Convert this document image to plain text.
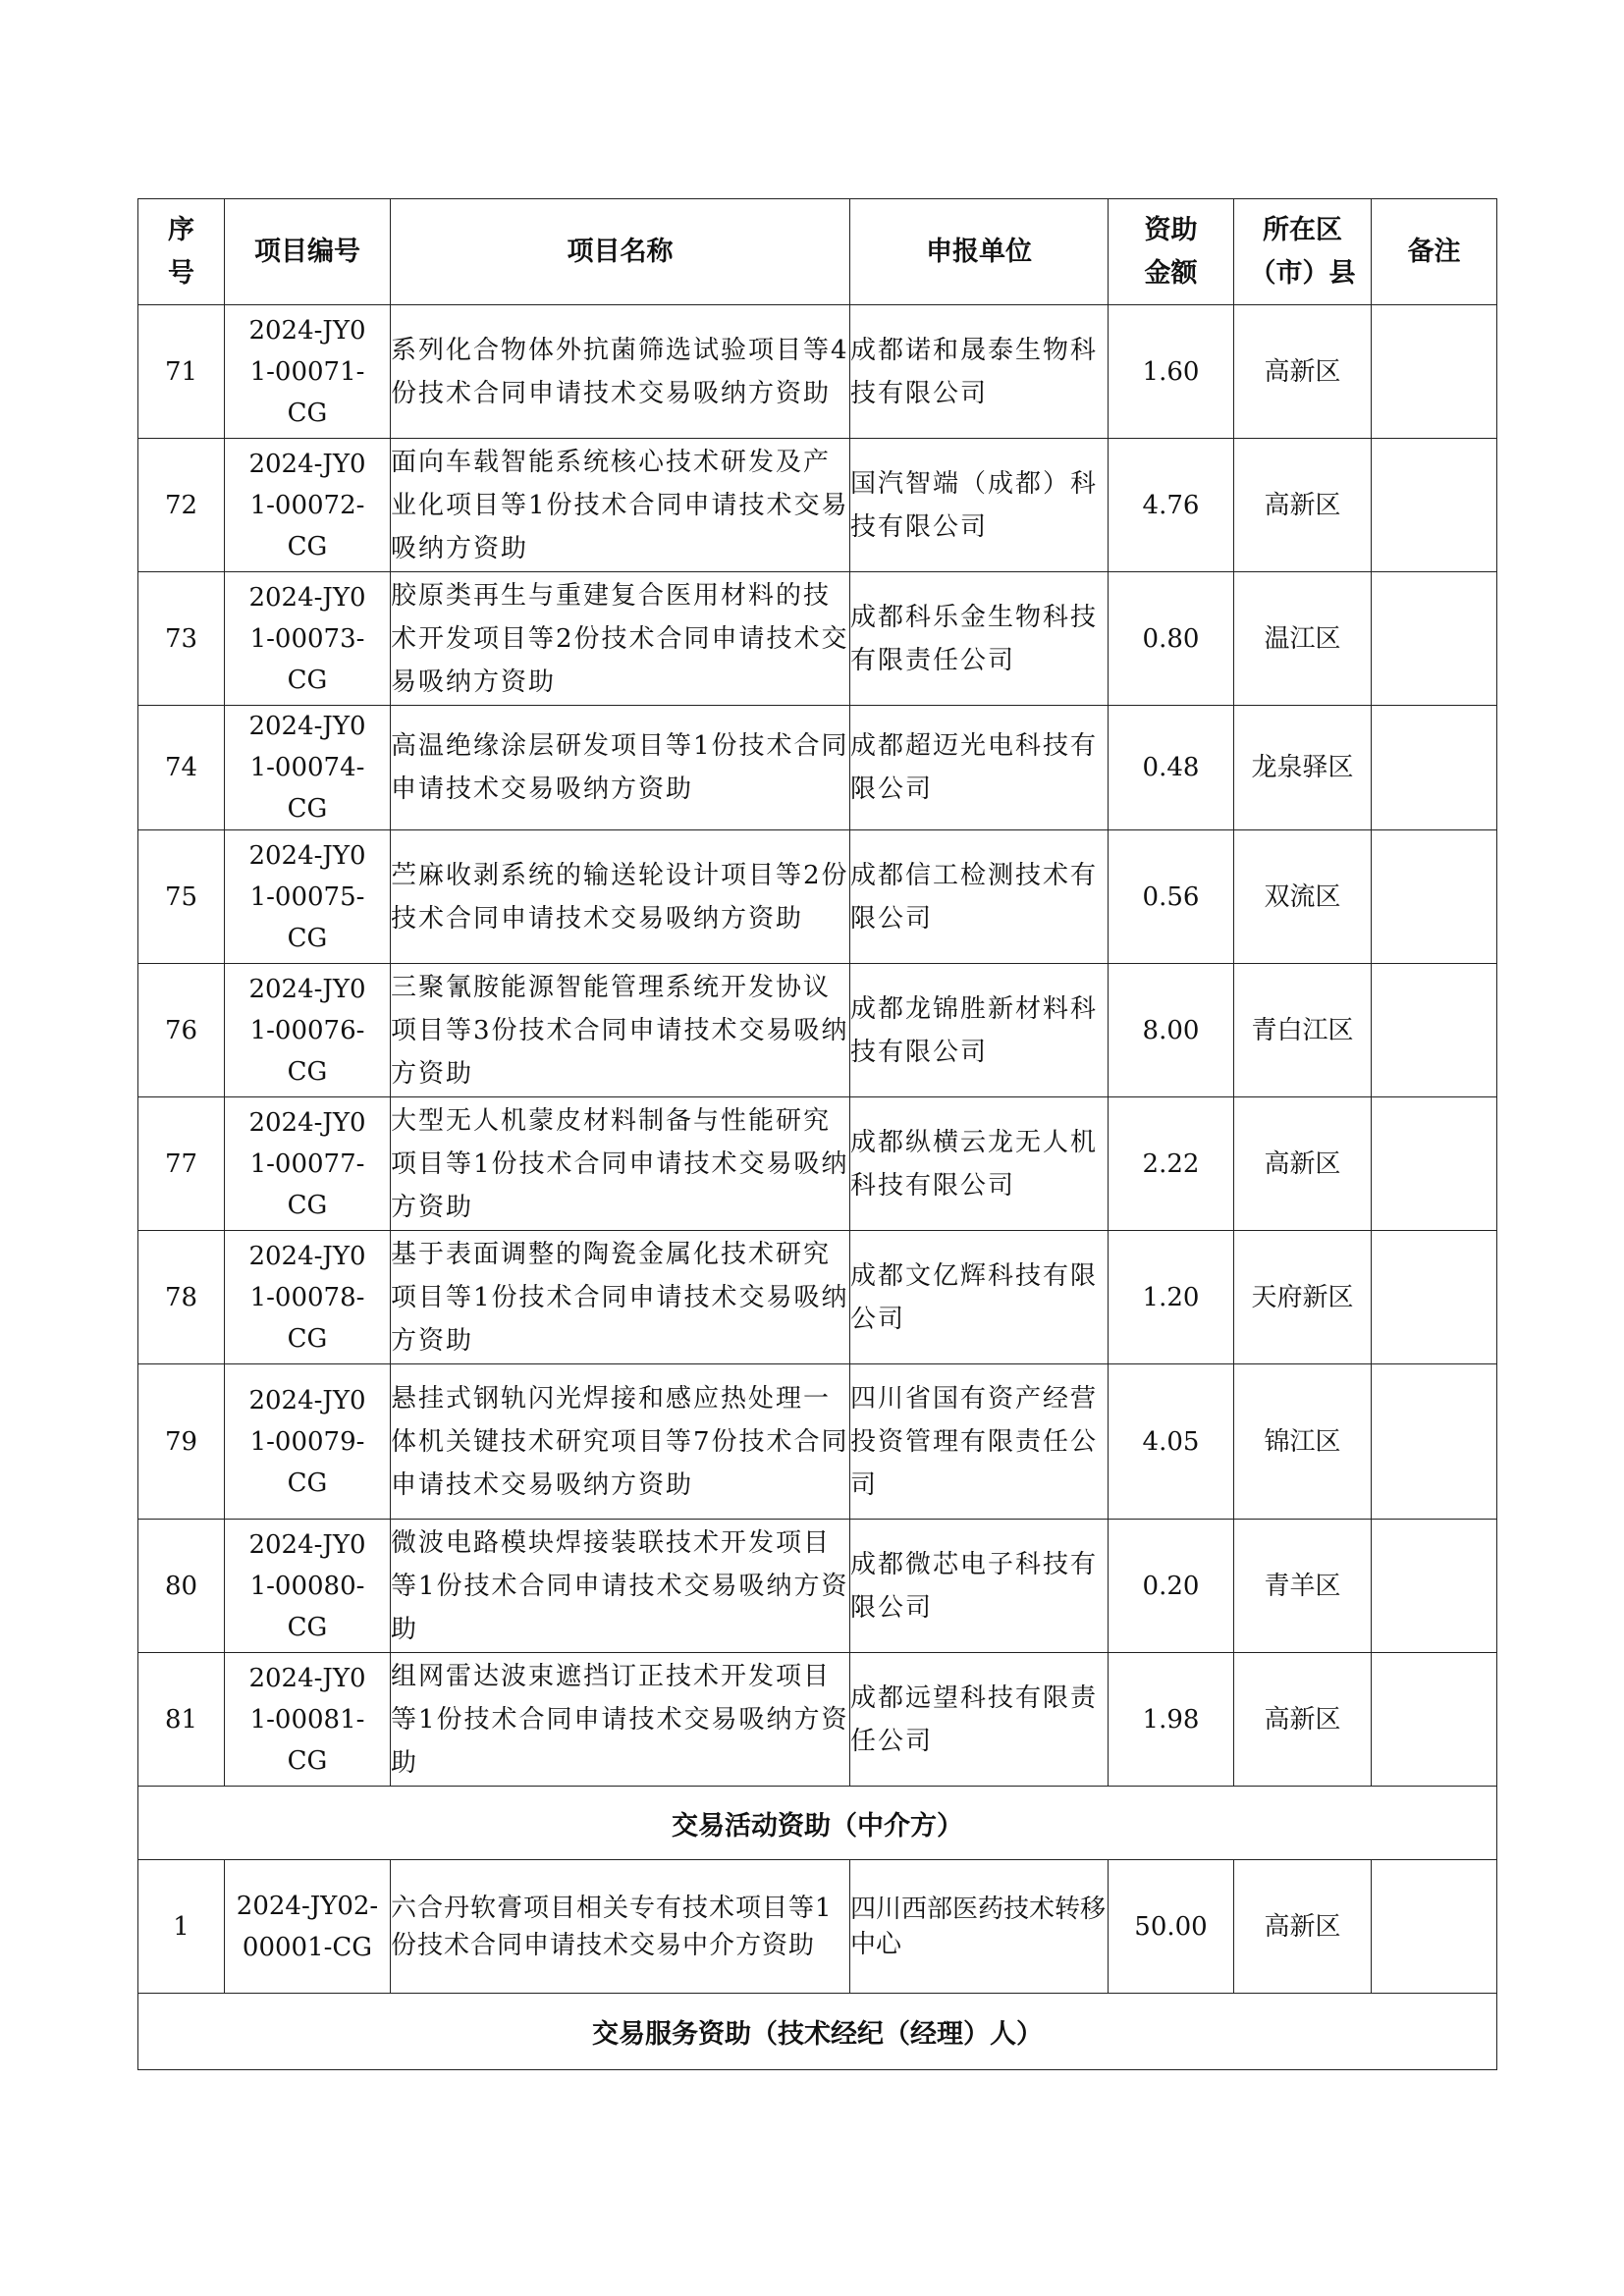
序号	项目编号	项目名称	申报单位	资助金额	所在区（市）县	备注
71	2024-JY01-00071-CG	系列化合物体外抗菌筛选试验项目等4份技术合同申请技术交易吸纳方资助	成都诺和晟泰生物科技有限公司	1.60	高新区	
72	2024-JY01-00072-CG	面向车载智能系统核心技术研发及产业化项目等1份技术合同申请技术交易吸纳方资助	国汽智端（成都）科技有限公司	4.76	高新区	
73	2024-JY01-00073-CG	胶原类再生与重建复合医用材料的技术开发项目等2份技术合同申请技术交易吸纳方资助	成都科乐金生物科技有限责任公司	0.80	温江区	
74	2024-JY01-00074-CG	高温绝缘涂层研发项目等1份技术合同申请技术交易吸纳方资助	成都超迈光电科技有限公司	0.48	龙泉驿区	
75	2024-JY01-00075-CG	苎麻收剥系统的输送轮设计项目等2份技术合同申请技术交易吸纳方资助	成都信工检测技术有限公司	0.56	双流区	
76	2024-JY01-00076-CG	三聚氰胺能源智能管理系统开发协议项目等3份技术合同申请技术交易吸纳方资助	成都龙锦胜新材料科技有限公司	8.00	青白江区	
77	2024-JY01-00077-CG	大型无人机蒙皮材料制备与性能研究项目等1份技术合同申请技术交易吸纳方资助	成都纵横云龙无人机科技有限公司	2.22	高新区	
78	2024-JY01-00078-CG	基于表面调整的陶瓷金属化技术研究项目等1份技术合同申请技术交易吸纳方资助	成都文亿辉科技有限公司	1.20	天府新区	
79	2024-JY01-00079-CG	悬挂式钢轨闪光焊接和感应热处理一体机关键技术研究项目等7份技术合同申请技术交易吸纳方资助	四川省国有资产经营投资管理有限责任公司	4.05	锦江区	
80	2024-JY01-00080-CG	微波电路模块焊接装联技术开发项目等1份技术合同申请技术交易吸纳方资助	成都微芯电子科技有限公司	0.20	青羊区	
81	2024-JY01-00081-CG	组网雷达波束遮挡订正技术开发项目等1份技术合同申请技术交易吸纳方资助	成都远望科技有限责任公司	1.98	高新区	
交易活动资助（中介方）						
1	2024-JY02-00001-CG	六合丹软膏项目相关专有技术项目等1份技术合同申请技术交易中介方资助	四川西部医药技术转移中心	50.00	高新区	
交易服务资助（技术经纪（经理）人）						
